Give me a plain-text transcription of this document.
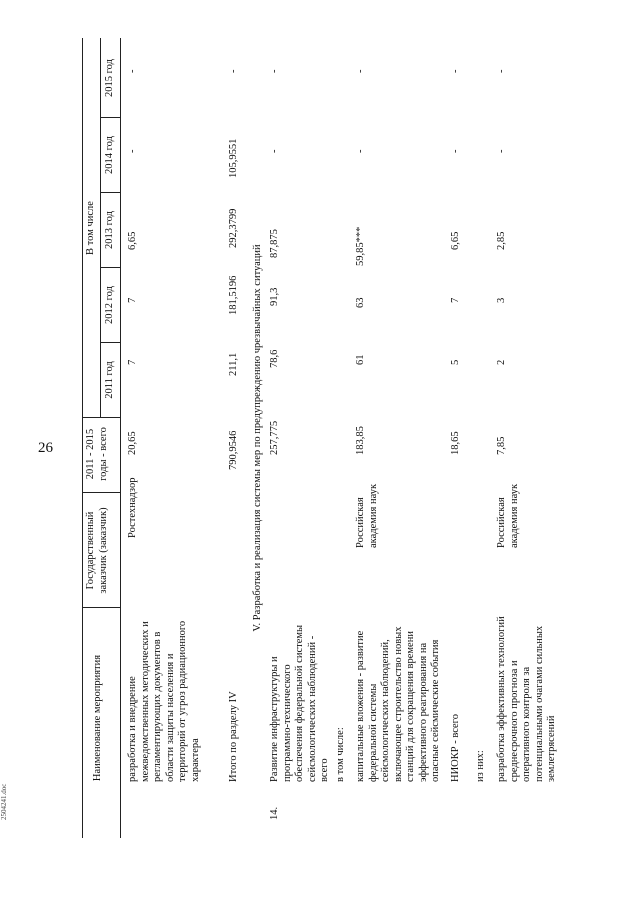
26
2504241.doc
Наименование мероприятия
Государственный заказчик (заказчик)
2011 - 2015 годы - всего
В том числе
2011 год
2012 год
2013 год
2014 год
2015 год
разработка и внедрение межведомственных методических и регламентирующих документов в области защиты населения и территорий от угроз радиационного характера
Ростехнадзор
20,65
7
7
6,65
-
-
Итого по разделу IV
790,9546
211,1
181,5196
292,3799
105,9551
-
V. Разработка и реализация системы мер по предупреждению чрезвычайных ситуаций
14.
Развитие инфраструктуры и программно-технического обеспечения федеральной системы сейсмологических наблюдений - всего
257,775
78,6
91,3
87,875
-
-
в том числе: капитальные вложения - развитие федеральной системы сейсмологических наблюдений, включающее строительство новых станций для сокращения времени эффективного реагирования на опасные сейсмические события
Российская академия наук
183,85
61
63
59,85***
-
-
НИОКР - всего
18,65
5
7
6,65
-
-
из них: разработка эффективных технологий среднесрочного прогноза и оперативного контроля за потенциальными очагами сильных землетрясений
Российская академия наук
7,85
2
3
2,85
-
-
